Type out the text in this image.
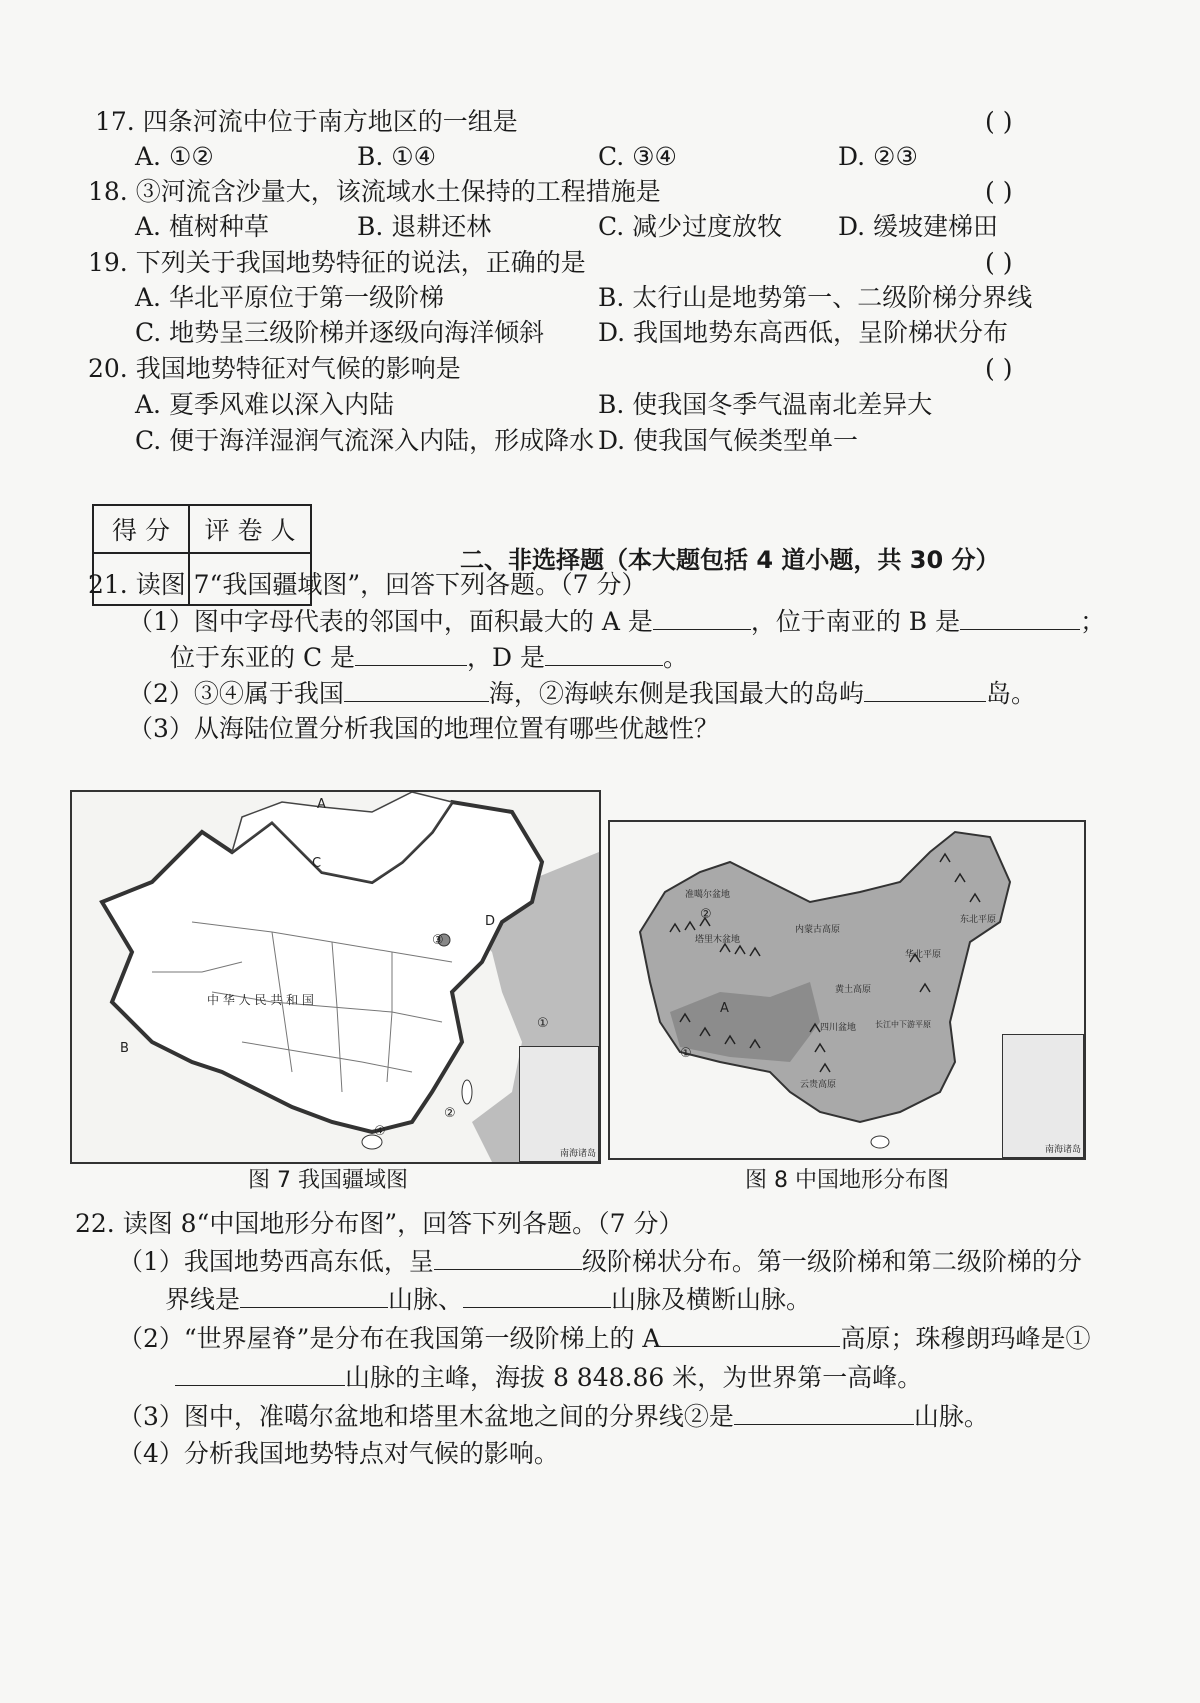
17. 四条河流中位于南方地区的一组是	( )
A. ①②	B. ①④	C. ③④	D. ②③
18. ③河流含沙量大，该流域水土保持的工程措施是	( )
A. 植树种草	B. 退耕还林	C. 减少过度放牧 D. 缓坡建梯田
19. 下列关于我国地势特征的说法，正确的是	( )
A. 华北平原位于第一级阶梯	B. 太行山是地势第一、二级阶梯分界线
C. 地势呈三级阶梯并逐级向海洋倾斜 D. 我国地势东高西低，呈阶梯状分布
20. 我国地势特征对气候的影响是	( )
A. 夏季风难以深入内陆	B. 使我国冬季气温南北差异大
C. 便于海洋湿润气流深入内陆，形成降水 D. 使我国气候类型单一
得 分	评 卷 人

二、非选择题（本大题包括 4 道小题，共 30 分）
21. 读图 7“我国疆域图”，回答下列各题。（7 分）
（1）图中字母代表的邻国中，面积最大的 A 是	，位于南亚的 B 是	；
位于东亚的 C 是	，D 是	。
（2）③④属于我国	海，②海峡东侧是我国最大的岛屿	岛。
（3）从海陆位置分析我国的地理位置有哪些优越性？
A
C
D
B
中 华 人 民 共 和 国
①
②
③
④
南海诸岛
图 7 我国疆域图
准噶尔盆地
塔里木盆地
②
A
①
内蒙古高原
黄土高原
四川盆地 长江中下游平原
云贵高原
东北平原
华北平原
南海诸岛
图 8 中国地形分布图
22. 读图 8“中国地形分布图”，回答下列各题。（7 分）
（1）我国地势西高东低，呈	级阶梯状分布。第一级阶梯和第二级阶梯的分
界线是	山脉、	山脉及横断山脉。
（2）“世界屋脊”是分布在我国第一级阶梯上的 A	高原；珠穆朗玛峰是①
山脉的主峰，海拔 8 848.86 米，为世界第一高峰。
（3）图中，准噶尔盆地和塔里木盆地之间的分界线②是	山脉。
（4）分析我国地势特点对气候的影响。
